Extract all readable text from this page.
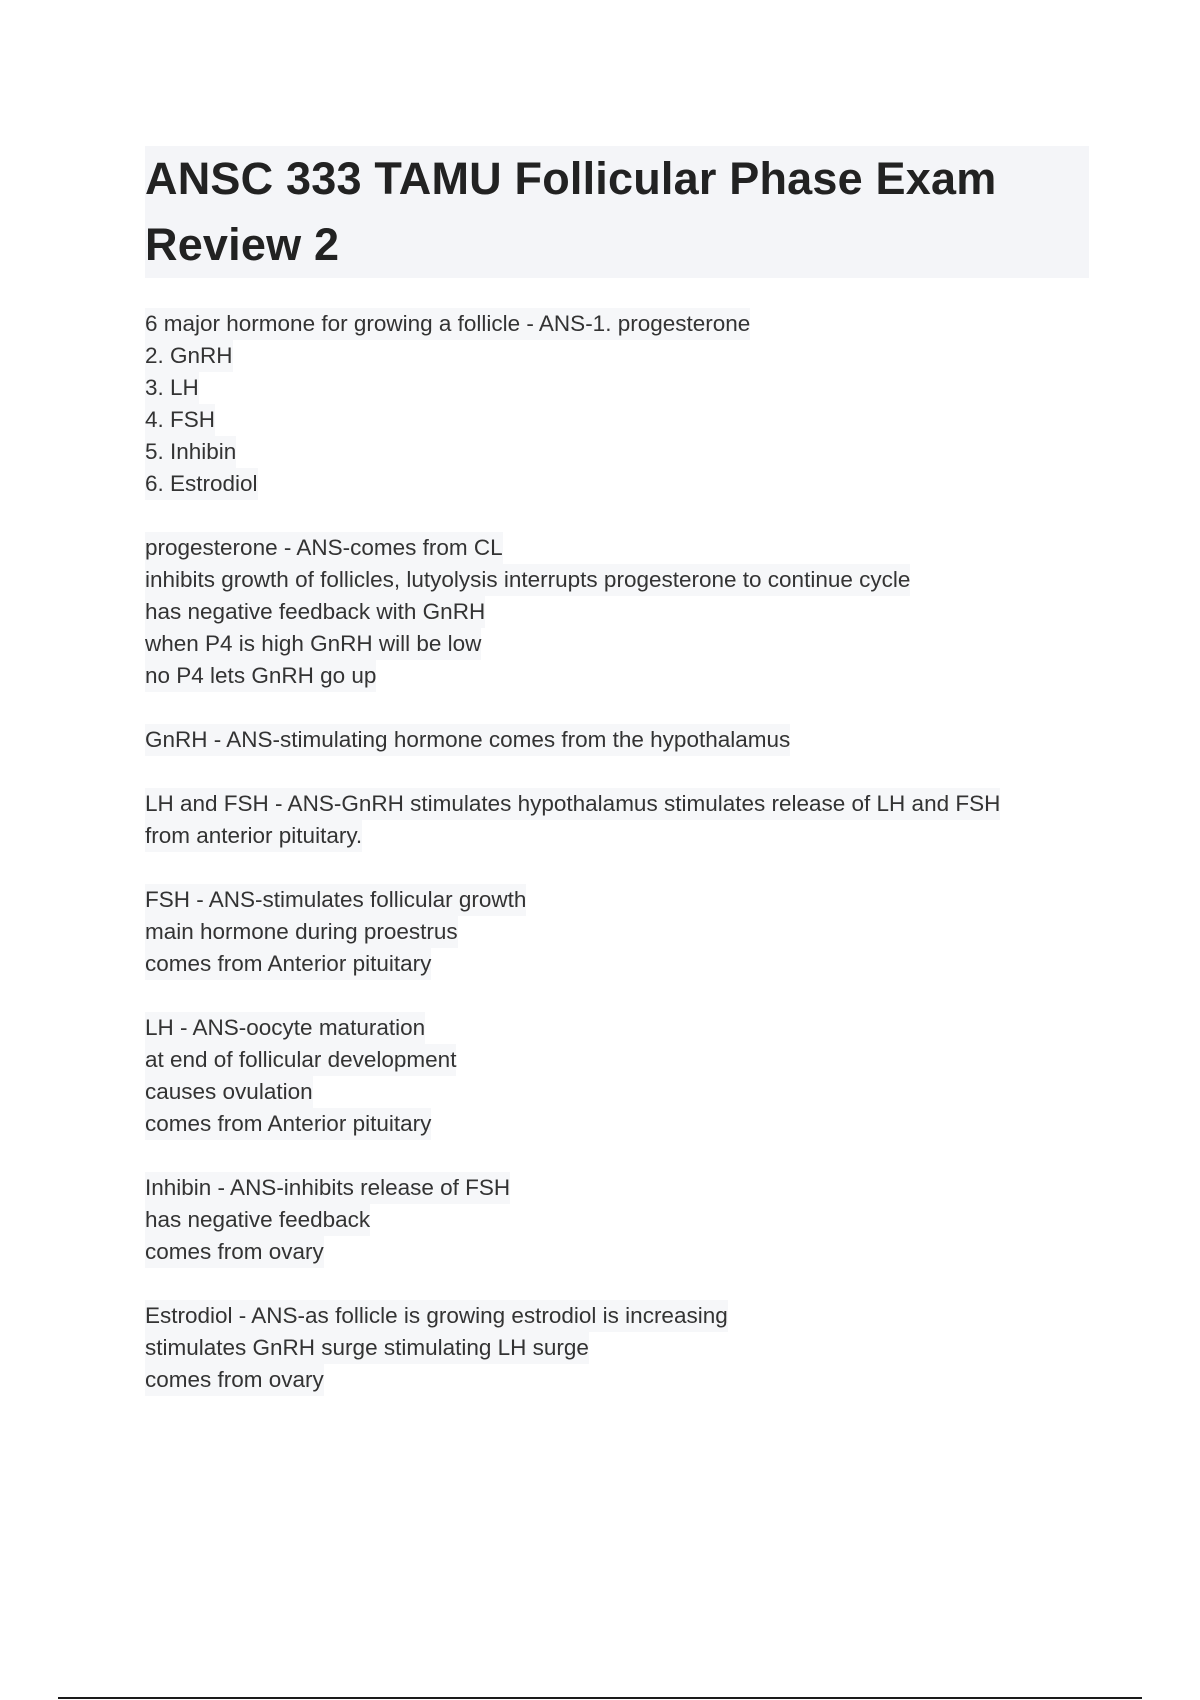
ANSC 333 TAMU Follicular Phase Exam Review 2
6 major hormone for growing a follicle - ANS-1. progesterone
2. GnRH
3. LH
4. FSH
5. Inhibin
6. Estrodiol
progesterone - ANS-comes from CL
inhibits growth of follicles, lutyolysis interrupts progesterone to continue cycle
has negative feedback with GnRH
when P4 is high GnRH will be low
no P4 lets GnRH go up
GnRH - ANS-stimulating hormone comes from the hypothalamus
LH and FSH - ANS-GnRH stimulates hypothalamus stimulates release of LH and FSH
from anterior pituitary.
FSH - ANS-stimulates follicular growth
main hormone during proestrus
comes from Anterior pituitary
LH - ANS-oocyte maturation
at end of follicular development
causes ovulation
comes from Anterior pituitary
Inhibin - ANS-inhibits release of FSH
has negative feedback
comes from ovary
Estrodiol - ANS-as follicle is growing estrodiol is increasing
stimulates GnRH surge stimulating LH surge
comes from ovary
